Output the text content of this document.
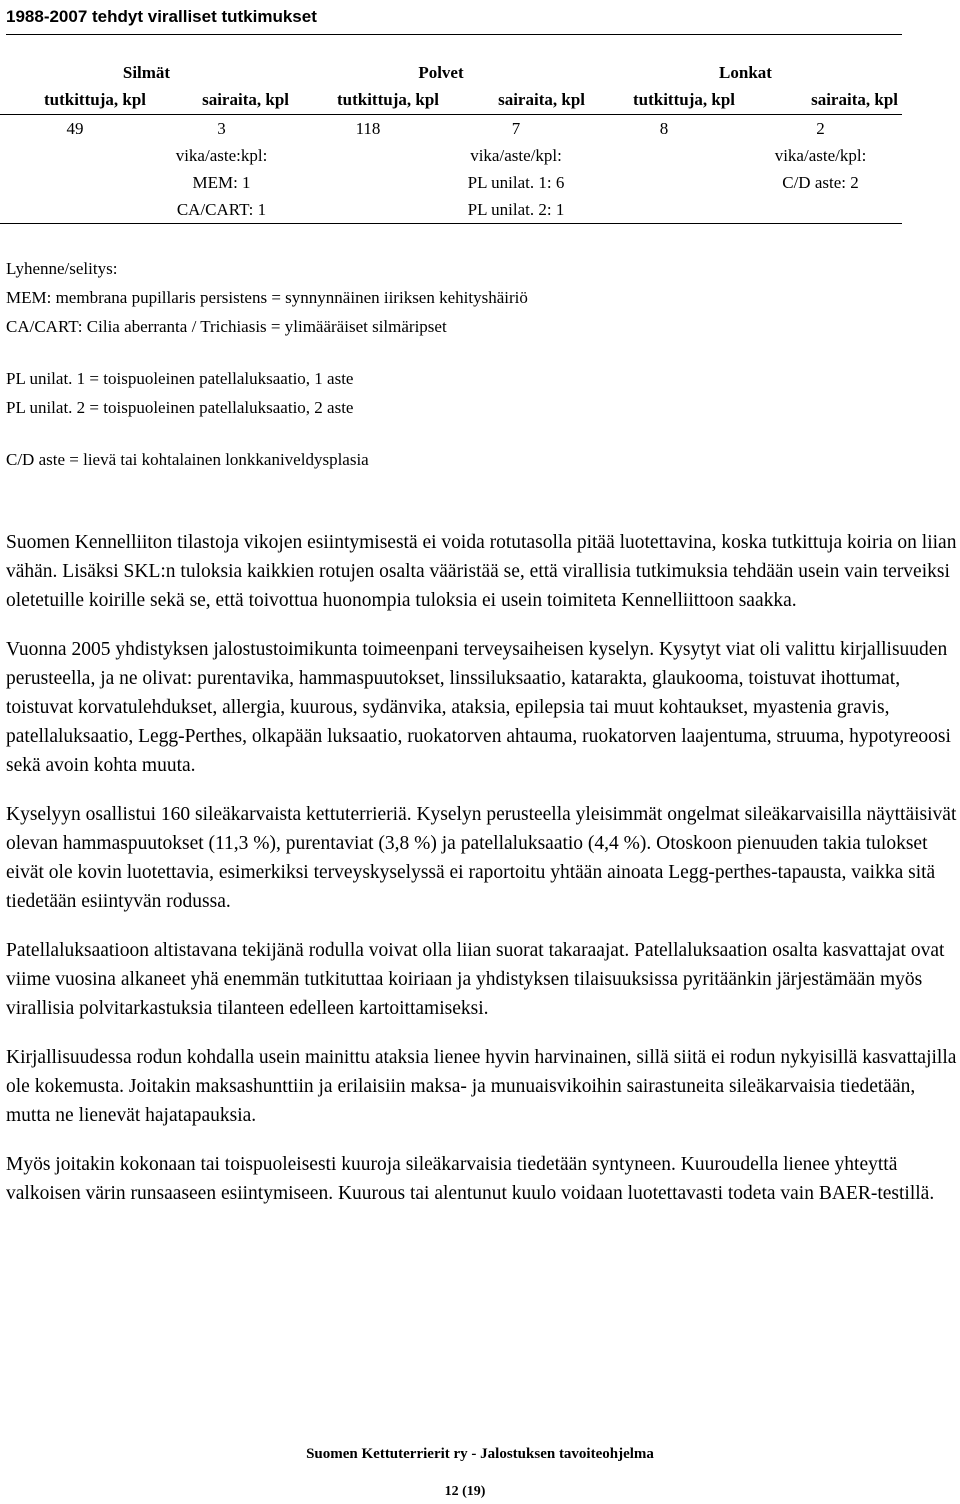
1988-2007 tehdyt viralliset tutkimukset
Silmät		Polvet		Lonkat	
tutkittuja, kpl	sairaita, kpl	tutkittuja, kpl	sairaita, kpl	tutkittuja, kpl	sairaita, kpl
49	3	118	7	8	2
	vika/aste:kpl:		vika/aste/kpl:		vika/aste/kpl:
	MEM: 1		PL unilat. 1: 6		C/D aste: 2
	CA/CART: 1		PL unilat. 2: 1		
Lyhenne/selitys:
MEM: membrana pupillaris persistens = synnynnäinen iiriksen kehityshäiriö
CA/CART: Cilia aberranta / Trichiasis = ylimääräiset silmäripset
PL unilat. 1 = toispuoleinen patellaluksaatio, 1 aste
PL unilat. 2 = toispuoleinen patellaluksaatio, 2 aste
C/D aste = lievä tai kohtalainen lonkkaniveldysplasia

Suomen Kennelliiton tilastoja vikojen esiintymisestä ei voida rotutasolla pitää luotettavina, koska tutkittuja koiria on liian vähän. Lisäksi SKL:n tuloksia kaikkien rotujen osalta vääristää se, että virallisia tutkimuksia tehdään usein vain terveiksi oletetuille koirille sekä se, että toivottua huonompia tuloksia ei usein toimiteta Kennelliittoon saakka.

Vuonna 2005 yhdistyksen jalostustoimikunta toimeenpani terveysaiheisen kyselyn. Kysytyt viat oli valittu kirjallisuuden perusteella, ja ne olivat: purentavika, hammaspuutokset, linssiluksaatio, katarakta, glaukooma, toistuvat ihottumat, toistuvat korvatulehdukset, allergia, kuurous, sydänvika, ataksia, epilepsia tai muut kohtaukset, myastenia gravis, patellaluksaatio, Legg-Perthes, olkapään luksaatio, ruokatorven ahtauma, ruokatorven laajentuma, struuma, hypotyreoosi sekä avoin kohta muuta.

Kyselyyn osallistui 160 sileäkarvaista kettuterrieriä. Kyselyn perusteella yleisimmät ongelmat sileäkarvaisilla näyttäisivät olevan hammaspuutokset (11,3 %), purentaviat (3,8 %) ja patellaluksaatio (4,4 %). Otoskoon pienuuden takia tulokset eivät ole kovin luotettavia, esimerkiksi terveyskyselyssä ei raportoitu yhtään ainoata Legg-perthes-tapausta, vaikka sitä tiedetään esiintyvän rodussa.

Patellaluksaatioon altistavana tekijänä rodulla voivat olla liian suorat takaraajat. Patellaluksaation osalta kasvattajat ovat viime vuosina alkaneet yhä enemmän tutkituttaa koiriaan ja yhdistyksen tilaisuuksissa pyritäänkin järjestämään myös virallisia polvitarkastuksia tilanteen edelleen kartoittamiseksi.

Kirjallisuudessa rodun kohdalla usein mainittu ataksia lienee hyvin harvinainen, sillä siitä ei rodun nykyisillä kasvattajilla ole kokemusta. Joitakin maksashunttiin ja erilaisiin maksa- ja munuaisvikoihin sairastuneita sileäkarvaisia tiedetään, mutta ne lienevät hajatapauksia.

Myös joitakin kokonaan tai toispuoleisesti kuuroja sileäkarvaisia tiedetään syntyneen. Kuuroudella lienee yhteyttä valkoisen värin runsaaseen esiintymiseen. Kuurous tai alentunut kuulo voidaan luotettavasti todeta vain BAER-testillä.

Suomen Kettuterrierit ry - Jalostuksen tavoiteohjelma
12 (19)
